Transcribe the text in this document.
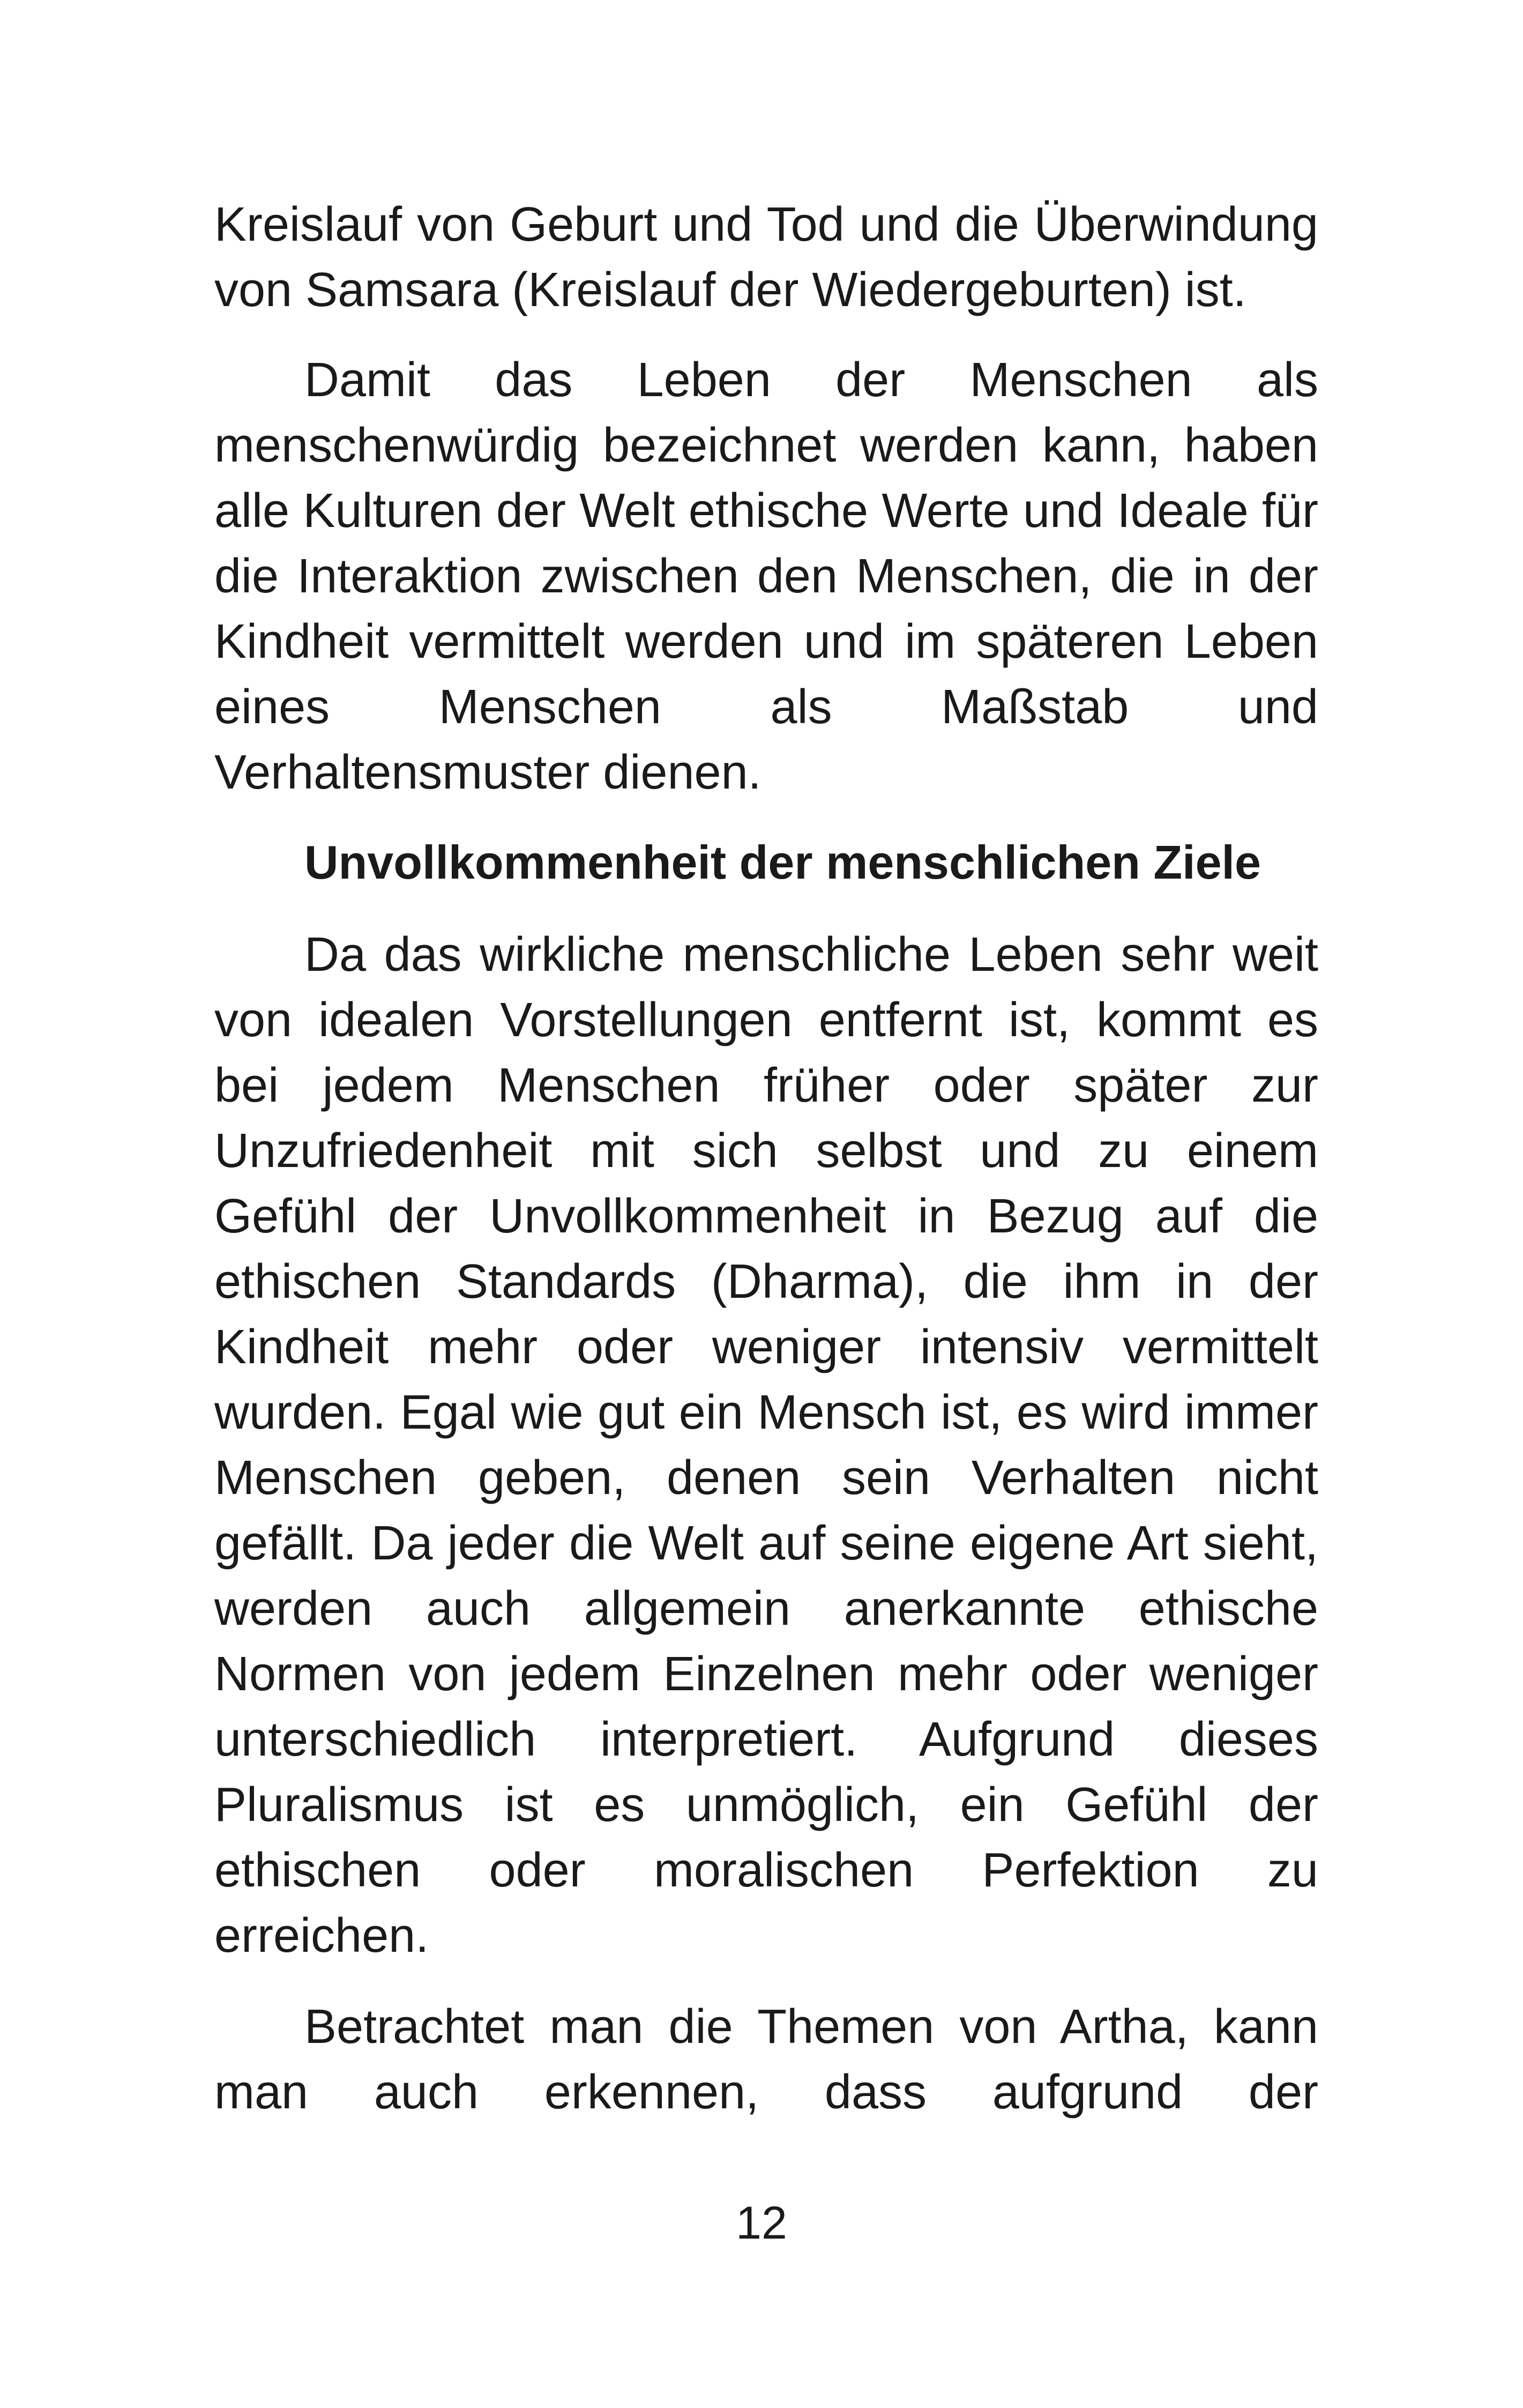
Kreislauf von Geburt und Tod und die Überwindung von Samsara (Kreislauf der Wiedergeburten) ist.

Damit das Leben der Menschen als menschenwürdig bezeichnet werden kann, haben alle Kulturen der Welt ethische Werte und Ideale für die Interaktion zwischen den Menschen, die in der Kindheit vermittelt werden und im späteren Leben eines Menschen als Maßstab und Verhaltensmuster dienen.

Unvollkommenheit der menschlichen Ziele

Da das wirkliche menschliche Leben sehr weit von idealen Vorstellungen entfernt ist, kommt es bei jedem Menschen früher oder später zur Unzufriedenheit mit sich selbst und zu einem Gefühl der Unvollkommenheit in Bezug auf die ethischen Standards (Dharma), die ihm in der Kindheit mehr oder weniger intensiv vermittelt wurden. Egal wie gut ein Mensch ist, es wird immer Menschen geben, denen sein Verhalten nicht gefällt. Da jeder die Welt auf seine eigene Art sieht, werden auch allgemein anerkannte ethische Normen von jedem Einzelnen mehr oder weniger unterschiedlich interpretiert. Aufgrund dieses Pluralismus ist es unmöglich, ein Gefühl der ethischen oder moralischen Perfektion zu erreichen.

Betrachtet man die Themen von Artha, kann man auch erkennen, dass aufgrund der

12
